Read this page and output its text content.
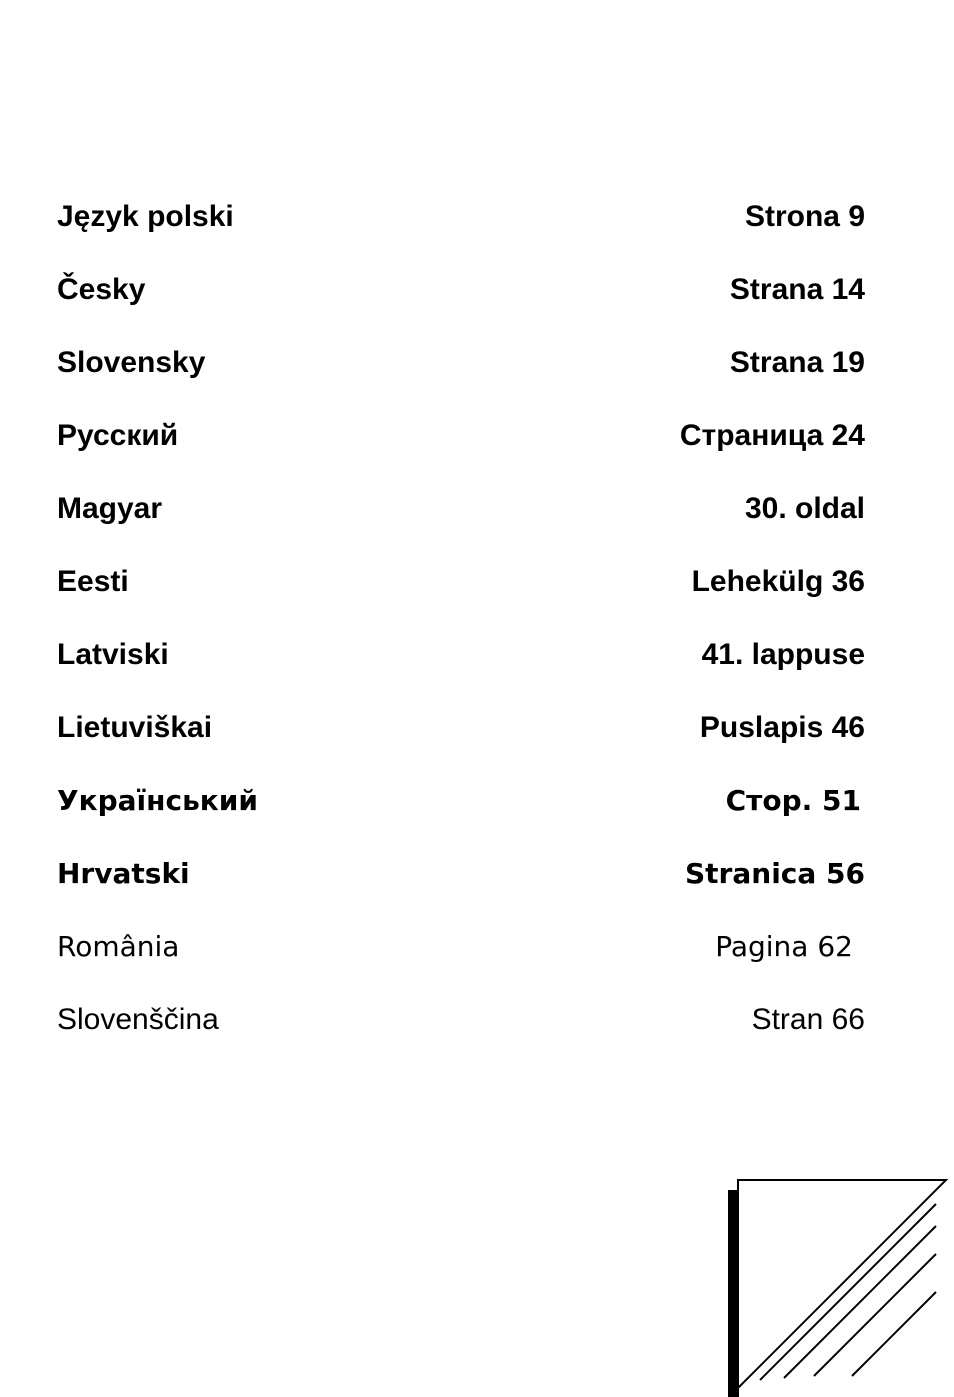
Język polski	Strona 9
Česky	Strana 14
Slovensky	Strana 19
Русский	Страница 24
Magyar	30. oldal
Eesti	Lehekülg 36
Latviski	41. lappuse
Lietuviškai	Puslapis 46
Український	Стор. 51
Hrvatski	Stranica 56
România	Pagina 62
Slovenščina	Stran 66
